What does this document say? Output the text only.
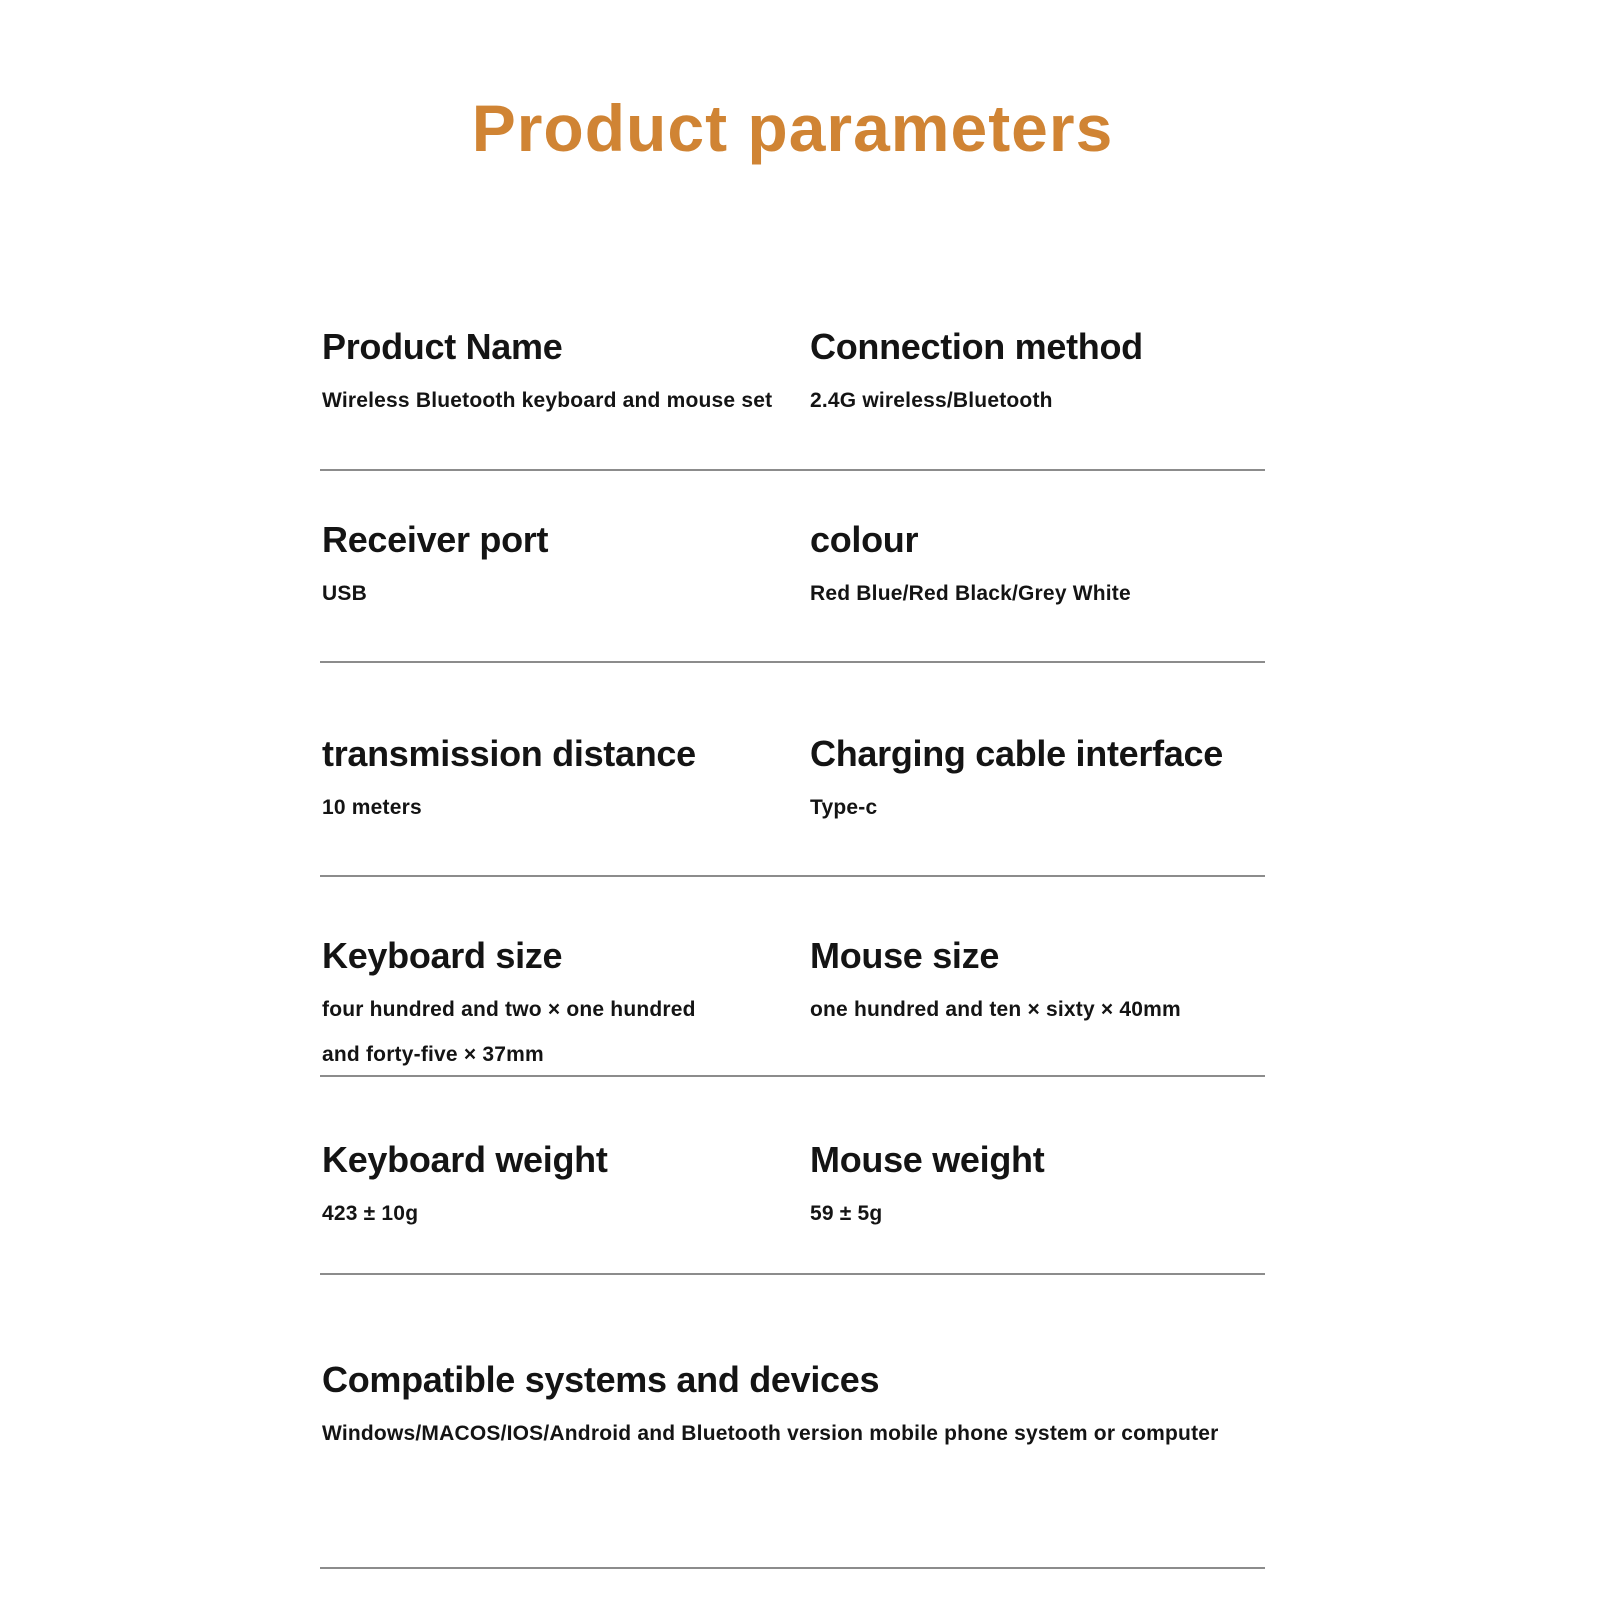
Product parameters
Product Name
Wireless Bluetooth keyboard and mouse set
Connection method
2.4G wireless/Bluetooth
Receiver port
USB
colour
Red Blue/Red Black/Grey White
transmission distance
10 meters
Charging cable interface
Type-c
Keyboard size
four hundred and two × one hundred and forty-five × 37mm
Mouse size
one hundred and ten × sixty × 40mm
Keyboard weight
423 ± 10g
Mouse weight
59 ± 5g
Compatible systems and devices
Windows/MACOS/IOS/Android and Bluetooth version mobile phone system or computer
